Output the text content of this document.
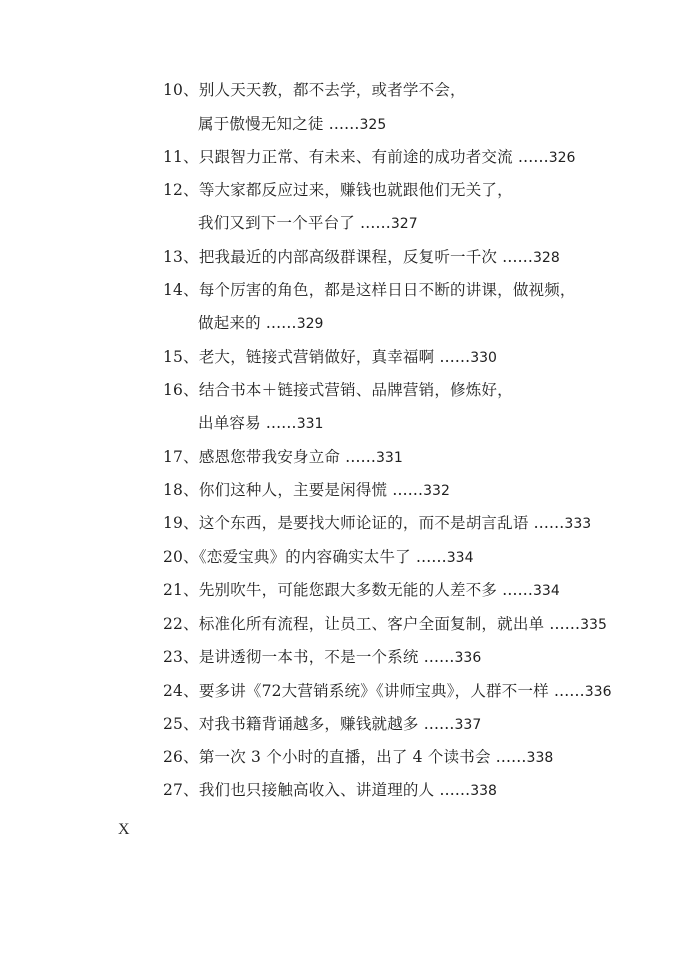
10、别人天天教，都不去学，或者学不会，
属于傲慢无知之徒 ......325
11、只跟智力正常、有未来、有前途的成功者交流 ......326
12、等大家都反应过来，赚钱也就跟他们无关了，
我们又到下一个平台了 ......327
13、把我最近的内部高级群课程，反复听一千次 ......328
14、每个厉害的角色，都是这样日日不断的讲课，做视频，
做起来的 ......329
15、老大，链接式营销做好，真幸福啊 ......330
16、结合书本＋链接式营销、品牌营销，修炼好，
出单容易 ......331
17、感恩您带我安身立命 ......331
18、你们这种人，主要是闲得慌 ......332
19、这个东西，是要找大师论证的，而不是胡言乱语 ......333
20、《恋爱宝典》的内容确实太牛了 ......334
21、先别吹牛，可能您跟大多数无能的人差不多 ......334
22、标准化所有流程，让员工、客户全面复制，就出单 ......335
23、是讲透彻一本书，不是一个系统 ......336
24、要多讲《72大营销系统》《讲师宝典》，人群不一样 ......336
25、对我书籍背诵越多，赚钱就越多 ......337
26、第一次 3 个小时的直播，出了 4 个读书会 ......338
27、我们也只接触高收入、讲道理的人 ......338
X
